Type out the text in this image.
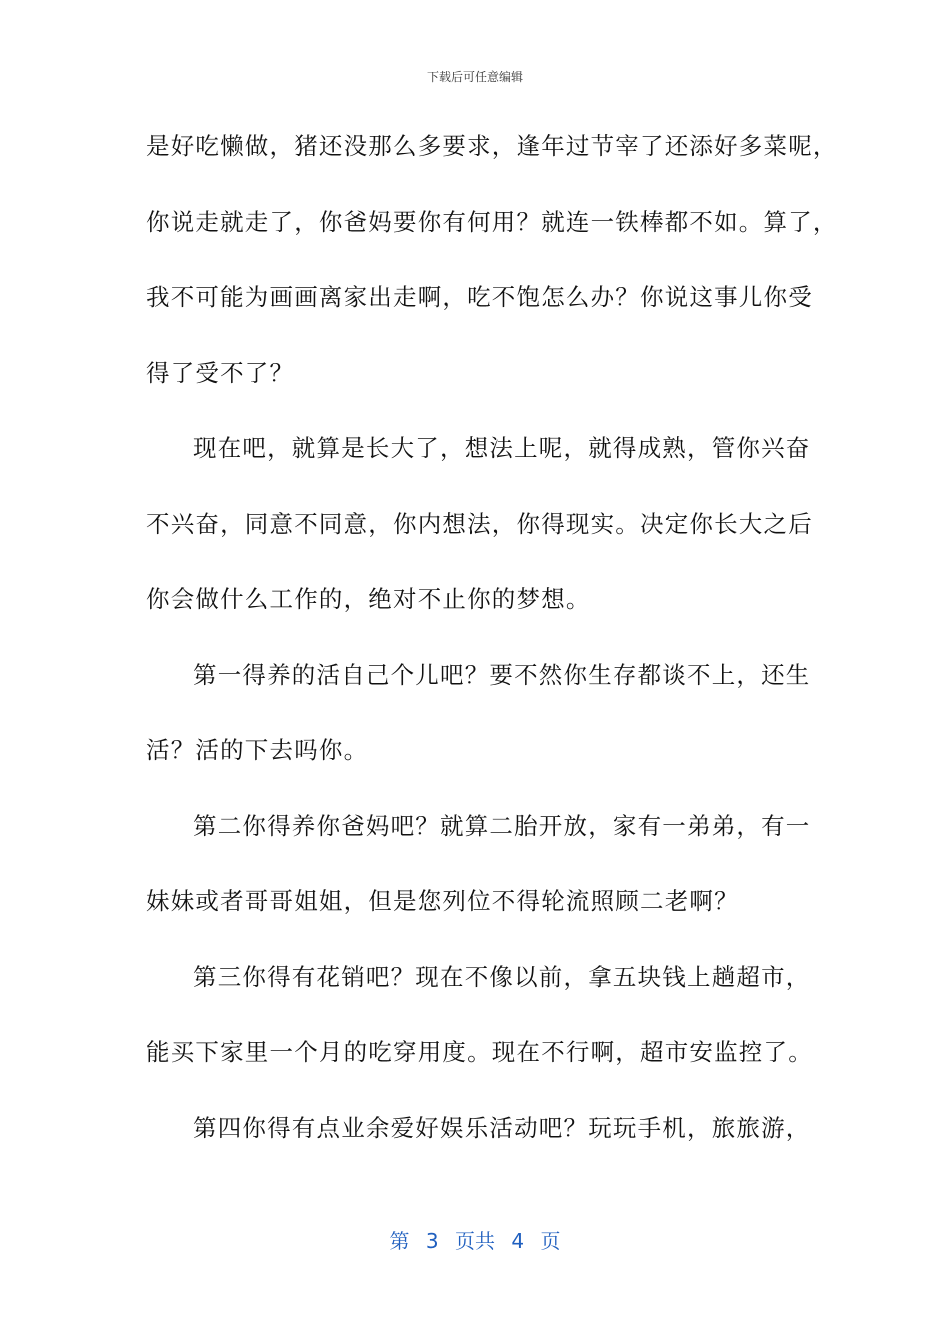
下载后可任意编辑
是好吃懒做，猪还没那么多要求，逢年过节宰了还添好多菜呢，
你说走就走了，你爸妈要你有何用？就连一铁棒都不如。算了，
我不可能为画画离家出走啊，吃不饱怎么办？你说这事儿你受
得了受不了？
现在吧，就算是长大了，想法上呢，就得成熟，管你兴奋
不兴奋，同意不同意，你内想法，你得现实。决定你长大之后
你会做什么工作的，绝对不止你的梦想。
第一得养的活自己个儿吧？要不然你生存都谈不上，还生
活？活的下去吗你。
第二你得养你爸妈吧？就算二胎开放，家有一弟弟，有一
妹妹或者哥哥姐姐，但是您列位不得轮流照顾二老啊？
第三你得有花销吧？现在不像以前，拿五块钱上趟超市，
能买下家里一个月的吃穿用度。现在不行啊，超市安监控了。
第四你得有点业余爱好娱乐活动吧？玩玩手机，旅旅游，
第 3 页共 4 页
